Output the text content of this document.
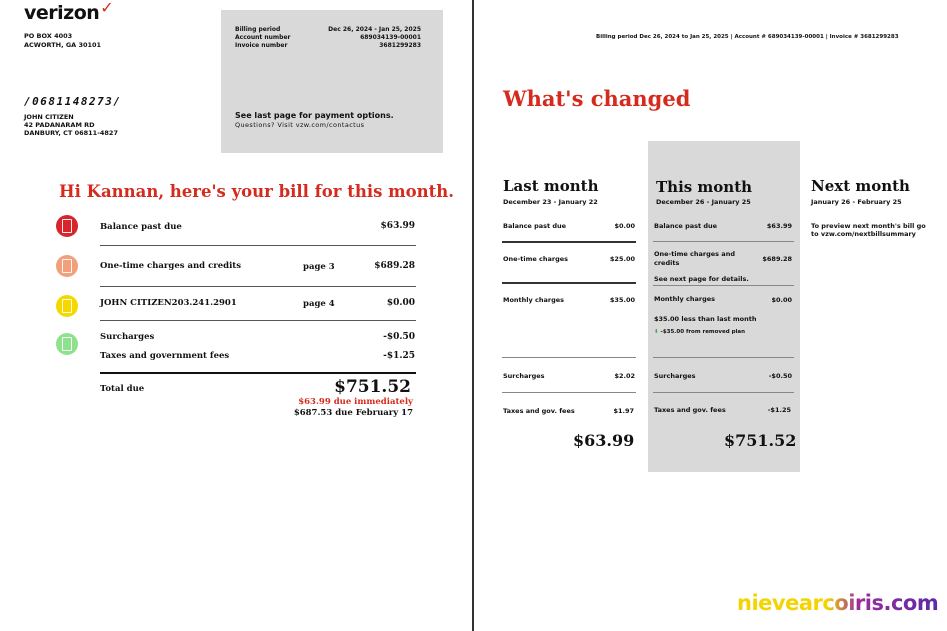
verizon✓
PO BOX 4003
ACWORTH, GA 30101
/0681148273/
JOHN CITIZEN
42 PADANARAM RD
DANBURY, CT 06811-4827
Billing period	Dec 26, 2024 - Jan 25, 2025
Account number	689034139-00001
Invoice number	3681299283
See last page for payment options.
Questions? Visit vzw.com/contactus
Hi Kannan, here's your bill for this month.
Balance past due	$63.99
One-time charges and credits	page 3	$689.28
JOHN CITIZEN203.241.2901	page 4	$0.00
Surcharges	-$0.50
Taxes and government fees	-$1.25
Total due	$751.52
$63.99 due immediately
$687.53 due February 17
Billing period Dec 26, 2024 to Jan 25, 2025 | Account # 689034139-00001 | Invoice # 3681299283
What's changed
Last month
December 23 - January 22
Balance past due	$0.00
One-time charges	$25.00
Monthly charges	$35.00
Surcharges	$2.02
Taxes and gov. fees	$1.97
$63.99
This month
December 26 - January 25
Balance past due	$63.99
One-time charges and credits	$689.28
See next page for details.
Monthly charges	$0.00
$35.00 less than last month
⬇ -$35.00 from removed plan
Surcharges	-$0.50
Taxes and gov. fees	-$1.25
$751.52
Next month
January 26 - February 25
To preview next month's bill go
to vzw.com/nextbillsummary
nievearcoiris.com
